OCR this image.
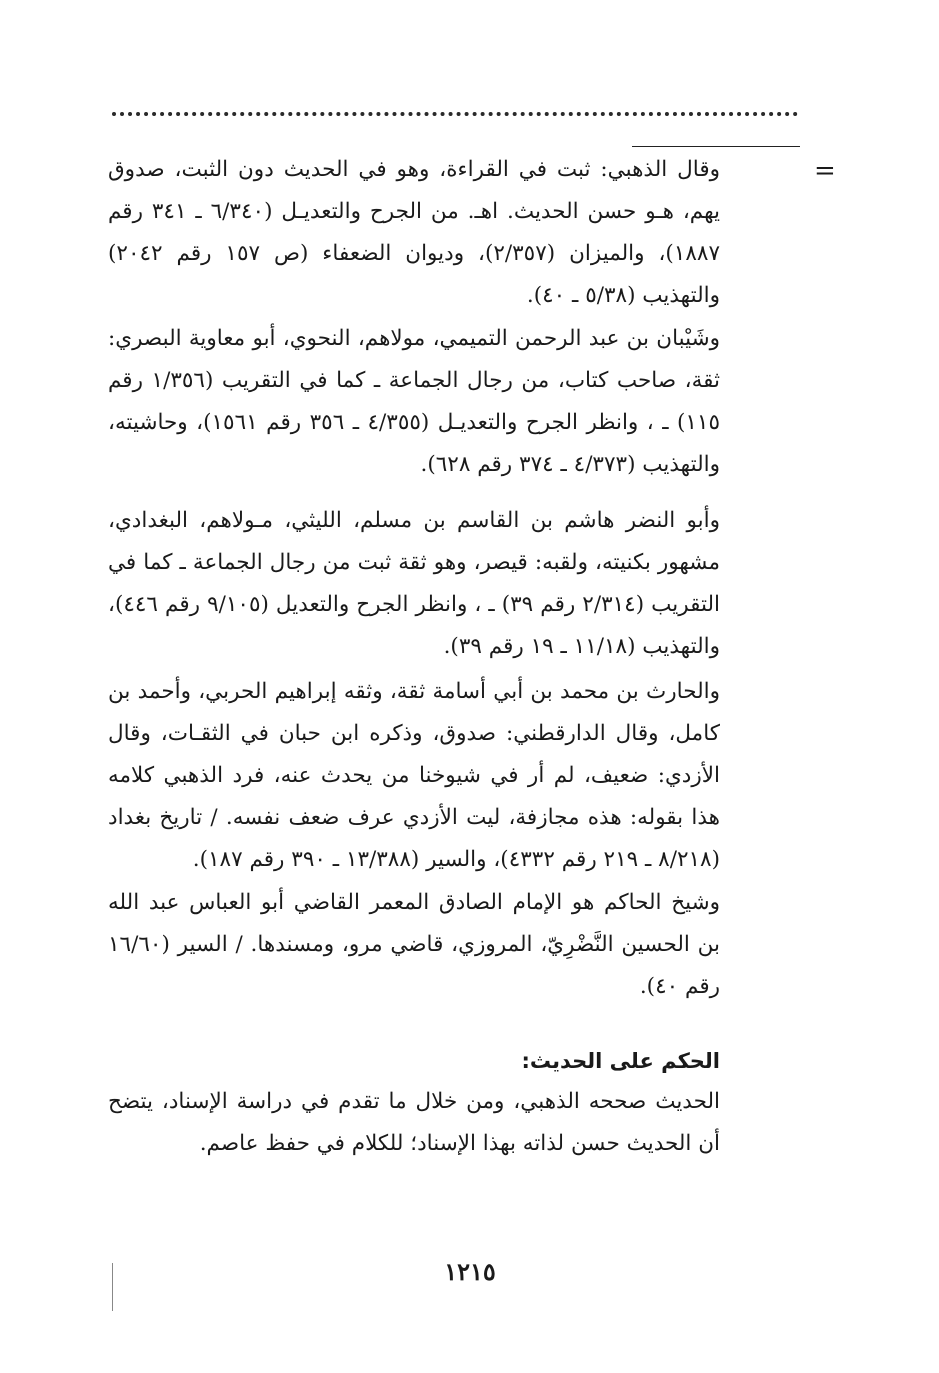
=

وقال الذهبي: ثبت في القراءة، وهو في الحديث دون الثبت، صدوق يهم، هـو حسن الحديث. اهـ. من الجرح والتعديـل (٦/٣٤٠ ـ ٣٤١ رقم ١٨٨٧)، والميزان (٢/٣٥٧)، وديوان الضعفاء (ص ١٥٧ رقم ٢٠٤٢) والتهذيب (٥/٣٨ ـ ٤٠).

وشَيْبان بن عبد الرحمن التميمي، مولاهم، النحوي، أبو معاوية البصري: ثقة، صاحب كتاب، من رجال الجماعة ـ كما في التقريب (١/٣٥٦ رقم ١١٥) ـ ، وانظر الجرح والتعديـل (٤/٣٥٥ ـ ٣٥٦ رقم ١٥٦١)، وحاشيته، والتهذيب (٤/٣٧٣ ـ ٣٧٤ رقم ٦٢٨).

وأبو النضر هاشم بن القاسم بن مسلم، الليثي، مـولاهم، البغدادي، مشهور بكنيته، ولقبه: قيصر، وهو ثقة ثبت من رجال الجماعة ـ كما في التقريب (٢/٣١٤ رقم ٣٩) ـ ، وانظر الجرح والتعديل (٩/١٠٥ رقم ٤٤٦)، والتهذيب (١١/١٨ ـ ١٩ رقم ٣٩).

والحارث بن محمد بن أبي أسامة ثقة، وثقه إبراهيم الحربي، وأحمد بن كامل، وقال الدارقطني: صدوق، وذكره ابن حبان في الثقـات، وقال الأزدي: ضعيف، لم أر في شيوخنا من يحدث عنه، فرد الذهبي كلامه هذا بقوله: هذه مجازفة، ليت الأزدي عرف ضعف نفسه. / تاريخ بغداد (٨/٢١٨ ـ ٢١٩ رقم ٤٣٣٢)، والسير (١٣/٣٨٨ ـ ٣٩٠ رقم ١٨٧).

وشيخ الحاكم هو الإمام الصادق المعمر القاضي أبو العباس عبد الله بن الحسين النَّضْرِيّ، المروزي، قاضي مرو، ومسندها. / السير (١٦/٦٠ رقم ٤٠).

الحكم على الحديث:

الحديث صححه الذهبي، ومن خلال ما تقدم في دراسة الإسناد، يتضح أن الحديث حسن لذاته بهذا الإسناد؛ للكلام في حفظ عاصم.

١٢١٥
